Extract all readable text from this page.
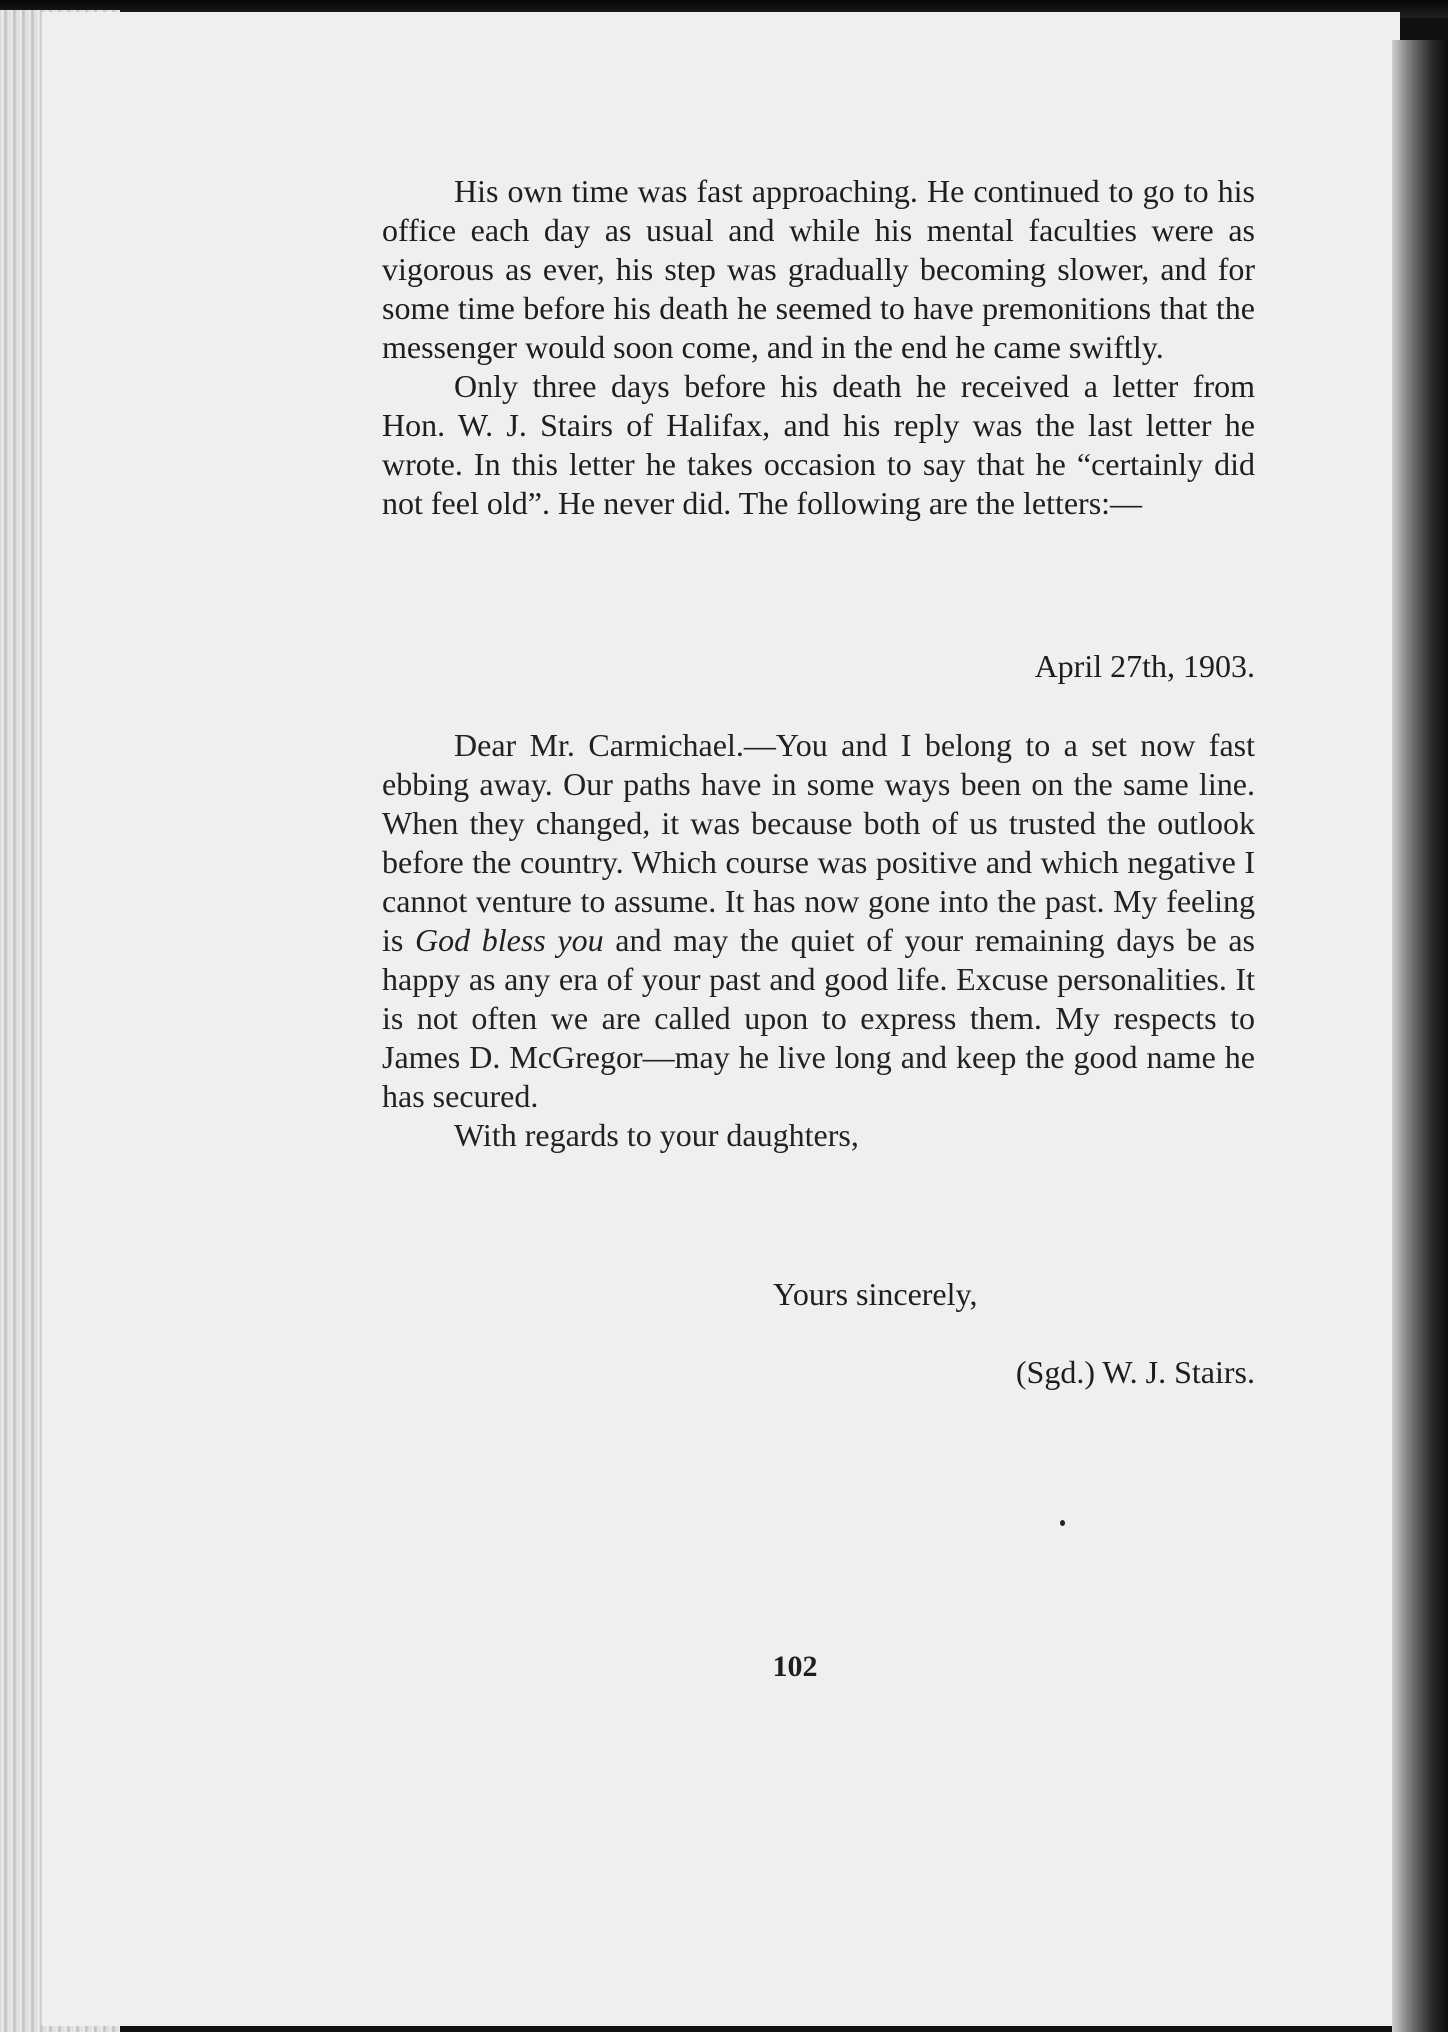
His own time was fast approaching. He continued to go to his office each day as usual and while his mental faculties were as vigorous as ever, his step was gradually becoming slower, and for some time before his death he seemed to have premonitions that the messenger would soon come, and in the end he came swiftly.

Only three days before his death he received a letter from Hon. W. J. Stairs of Halifax, and his reply was the last letter he wrote. In this letter he takes occasion to say that he “certainly did not feel old”. He never did. The following are the letters:—

April 27th, 1903.

Dear Mr. Carmichael.—You and I belong to a set now fast ebbing away. Our paths have in some ways been on the same line. When they changed, it was because both of us trusted the outlook before the country. Which course was positive and which negative I cannot venture to assume. It has now gone into the past. My feeling is God bless you and may the quiet of your remaining days be as happy as any era of your past and good life. Excuse personalities. It is not often we are called upon to express them. My respects to James D. McGregor—may he live long and keep the good name he has secured.

With regards to your daughters,

Yours sincerely,
(Sgd.) W. J. Stairs.
102
